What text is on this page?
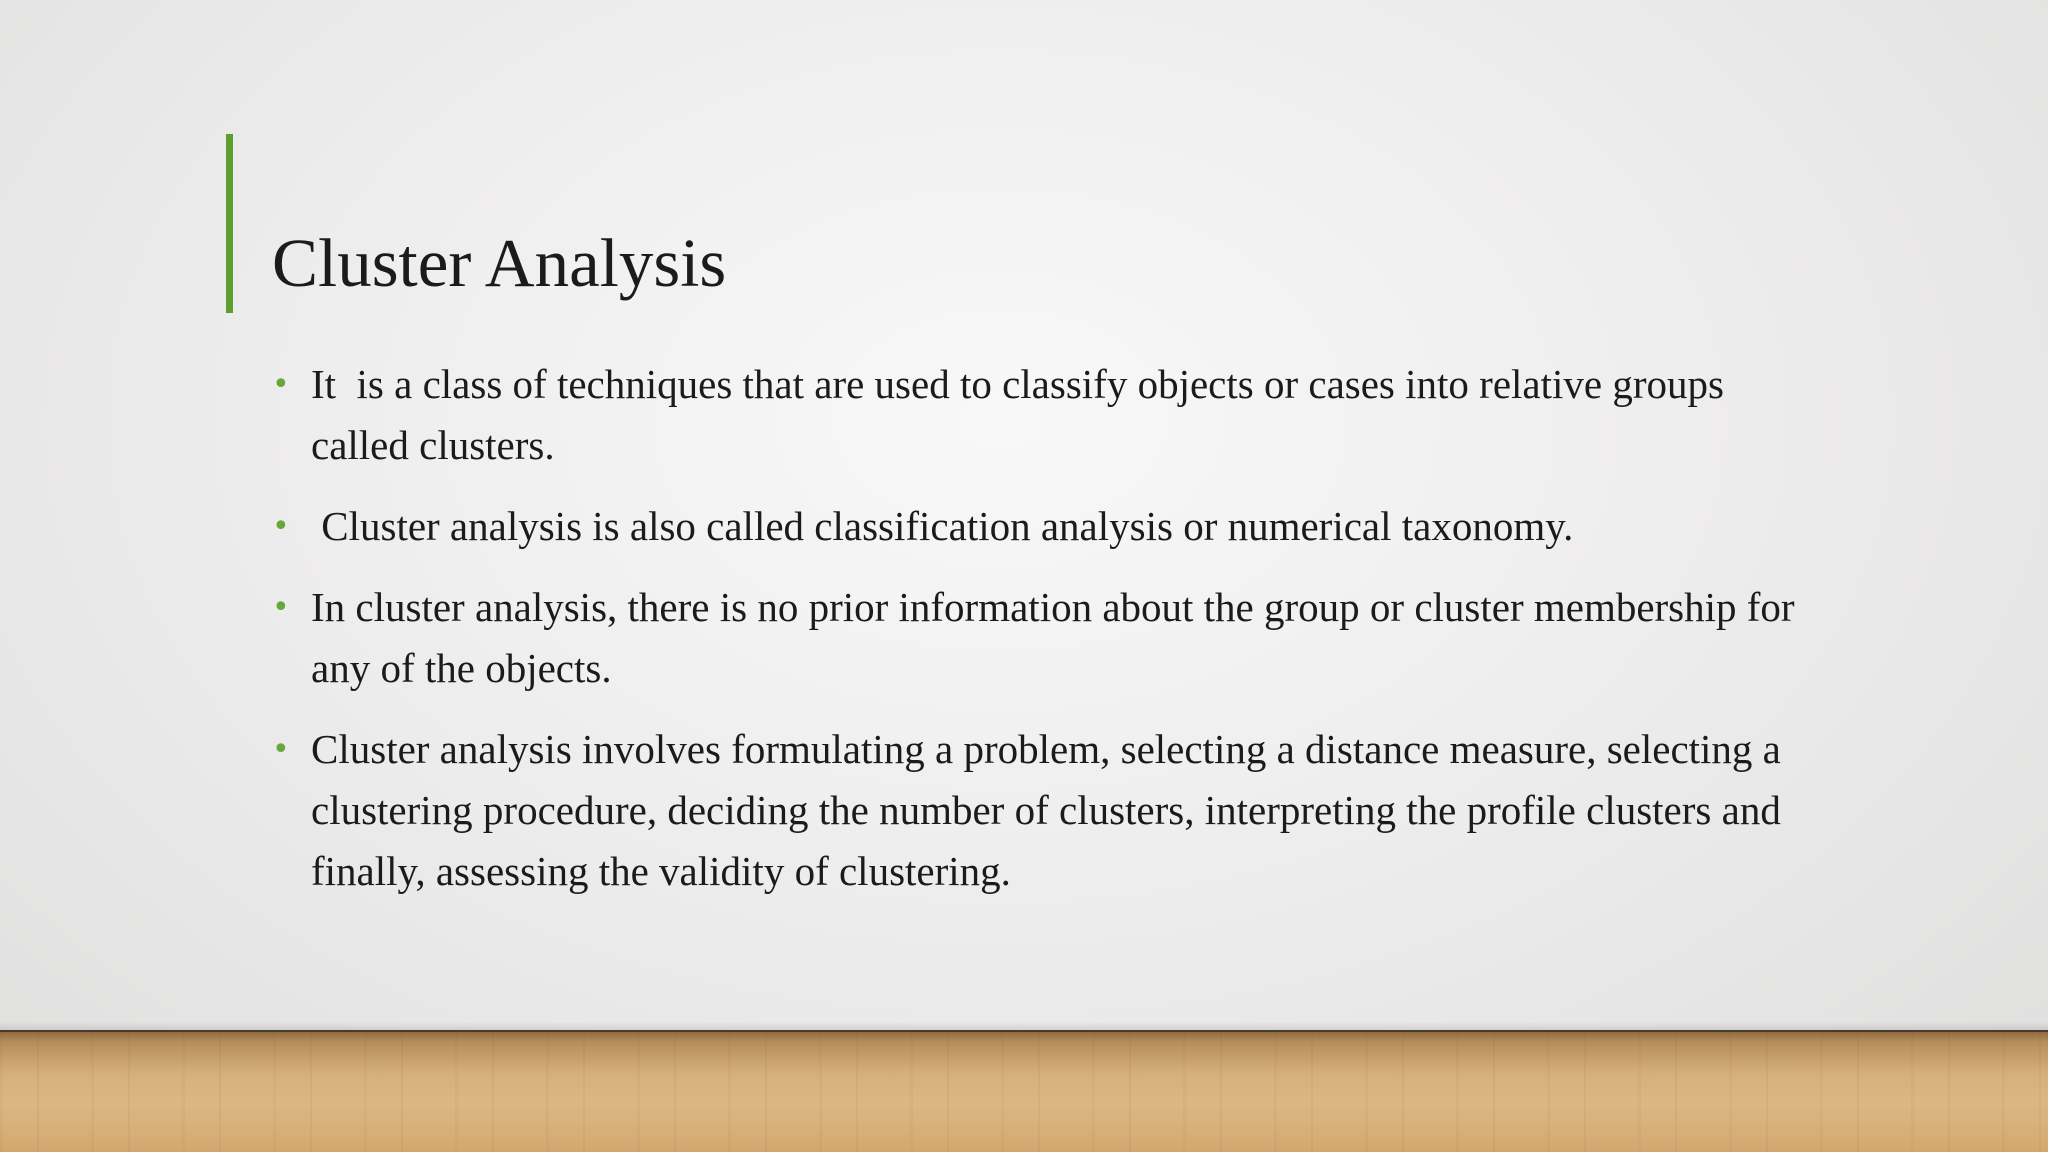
Cluster Analysis
• It  is a class of techniques that are used to classify objects or cases into relative groups called clusters.
• Cluster analysis is also called classification analysis or numerical taxonomy.
• In cluster analysis, there is no prior information about the group or cluster membership for any of the objects.
• Cluster analysis involves formulating a problem, selecting a distance measure, selecting a clustering procedure, deciding the number of clusters, interpreting the profile clusters and finally, assessing the validity of clustering.
